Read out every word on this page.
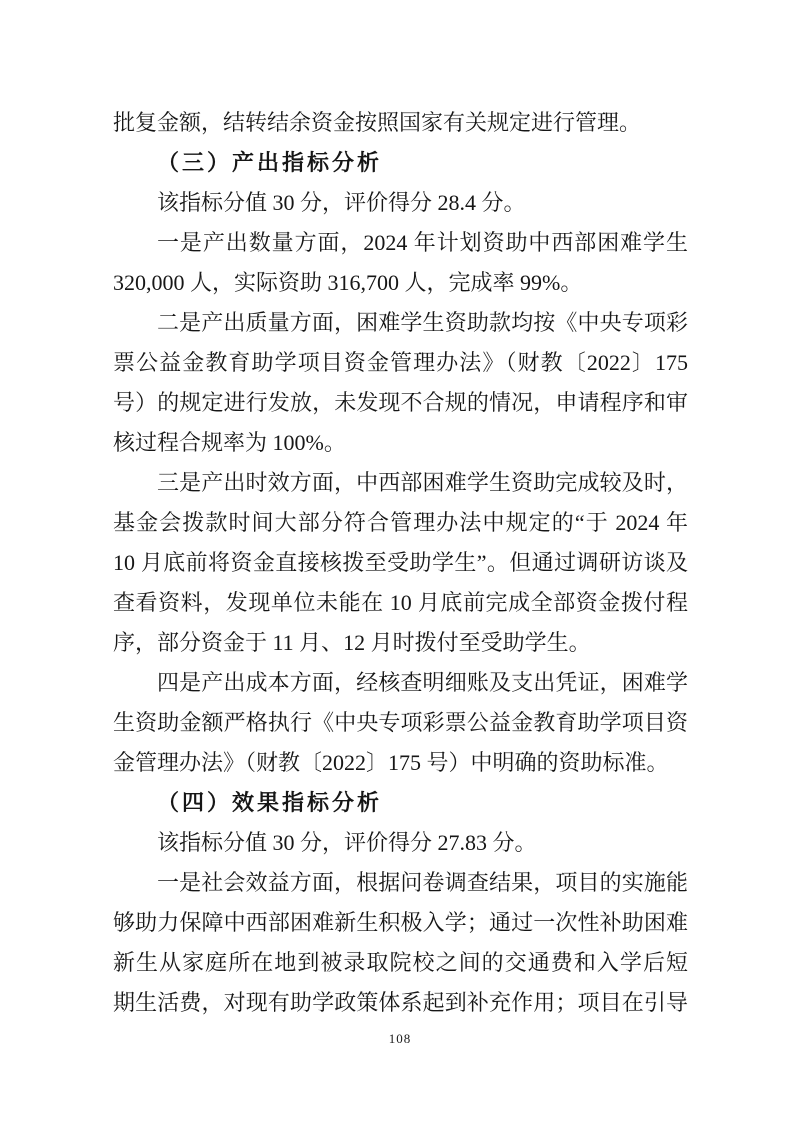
批复金额，结转结余资金按照国家有关规定进行管理。
（三）产出指标分析
该指标分值 30 分，评价得分 28.4 分。
一是产出数量方面，2024 年计划资助中西部困难学生
320,000 人，实际资助 316,700 人，完成率 99%。
二是产出质量方面，困难学生资助款均按《中央专项彩
票公益金教育助学项目资金管理办法》（财教〔2022〕175
号）的规定进行发放，未发现不合规的情况，申请程序和审
核过程合规率为 100%。
三是产出时效方面，中西部困难学生资助完成较及时，
基金会拨款时间大部分符合管理办法中规定的“于 2024 年
10 月底前将资金直接核拨至受助学生”。但通过调研访谈及
查看资料，发现单位未能在 10 月底前完成全部资金拨付程
序，部分资金于 11 月、12 月时拨付至受助学生。
四是产出成本方面，经核查明细账及支出凭证，困难学
生资助金额严格执行《中央专项彩票公益金教育助学项目资
金管理办法》（财教〔2022〕175 号）中明确的资助标准。
（四）效果指标分析
该指标分值 30 分，评价得分 27.83 分。
一是社会效益方面，根据问卷调查结果，项目的实施能
够助力保障中西部困难新生积极入学；通过一次性补助困难
新生从家庭所在地到被录取院校之间的交通费和入学后短
期生活费，对现有助学政策体系起到补充作用；项目在引导
108
